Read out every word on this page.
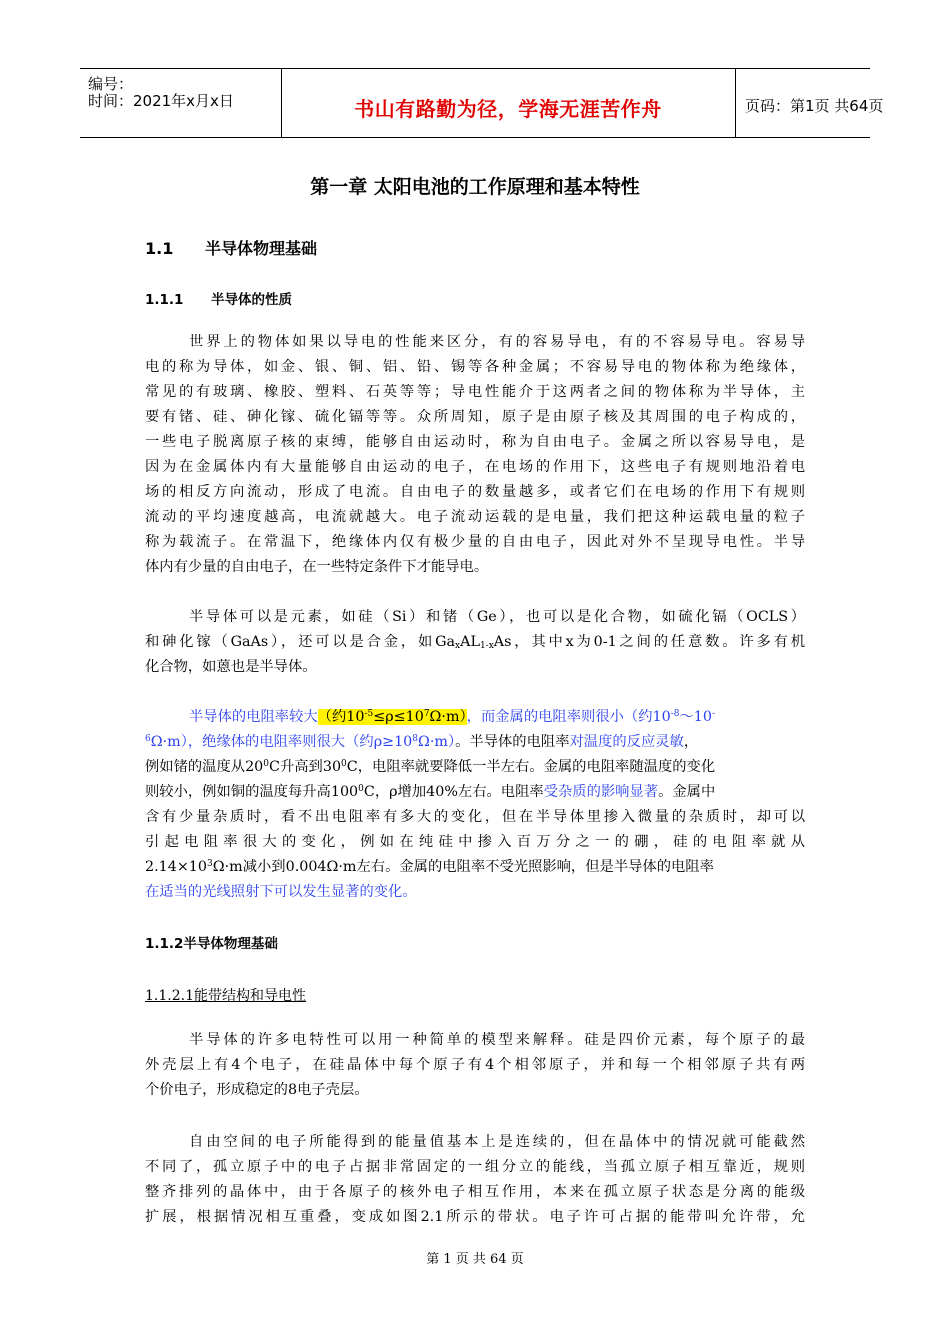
编号：
时间：2021年x月x日	书山有路勤为径，学海无涯苦作舟	页码：第1页 共64页
第一章 太阳电池的工作原理和基本特性
1.1 半导体物理基础
1.1.1 半导体的性质
世界上的物体如果以导电的性能来区分，有的容易导电，有的不容易导电。容易导
电的称为导体，如金、银、铜、铝、铅、锡等各种金属；不容易导电的物体称为绝缘体，
常见的有玻璃、橡胶、塑料、石英等等；导电性能介于这两者之间的物体称为半导体，主
要有锗、硅、砷化镓、硫化镉等等。众所周知，原子是由原子核及其周围的电子构成的，
一些电子脱离原子核的束缚，能够自由运动时，称为自由电子。金属之所以容易导电，是
因为在金属体内有大量能够自由运动的电子，在电场的作用下，这些电子有规则地沿着电
场的相反方向流动，形成了电流。自由电子的数量越多，或者它们在电场的作用下有规则
流动的平均速度越高，电流就越大。电子流动运载的是电量，我们把这种运载电量的粒子
称为载流子。在常温下，绝缘体内仅有极少量的自由电子，因此对外不呈现导电性。半导
体内有少量的自由电子，在一些特定条件下才能导电。
半导体可以是元素，如硅（Si）和锗（Ge），也可以是化合物，如硫化镉（OCLS）
和砷化镓（GaAs），还可以是合金，如$Ga_xAL_{1-x}As$，其中x为0-1之间的任意数。许多有机
化合物，如蒽也是半导体。
半导体的电阻率较大（约$10^{-5}\le\rho\le 10^7\Omega\cdot m$），而金属的电阻率则很小（约$10^{-8}\sim 10^-$
$^6$Ω·m），绝缘体的电阻率则很大（约$\rho\ge 10^8\Omega\cdot m$）。半导体的电阻率对温度的反应灵敏，
例如锗的温度从$20^0C$升高到$30^0C$，电阻率就要降低一半左右。金属的电阻率随温度的变化
则较小，例如铜的温度每升高$100^0C$，ρ增加40%左右。电阻率受杂质的影响显著。金属中
含有少量杂质时，看不出电阻率有多大的变化，但在半导体里掺入微量的杂质时，却可以
引起电阻率很大的变化，例如在纯硅中掺入百万分之一的硼，硅的电阻率就从
$2.14\times 10^3\Omega\cdot m$减小到0.004Ω·m左右。金属的电阻率不受光照影响，但是半导体的电阻率
在适当的光线照射下可以发生显著的变化。
1.1.2半导体物理基础
1.1.2.1能带结构和导电性
半导体的许多电特性可以用一种简单的模型来解释。硅是四价元素，每个原子的最
外壳层上有4个电子，在硅晶体中每个原子有4个相邻原子，并和每一个相邻原子共有两
个价电子，形成稳定的8电子壳层。
自由空间的电子所能得到的能量值基本上是连续的，但在晶体中的情况就可能截然
不同了，孤立原子中的电子占据非常固定的一组分立的能线，当孤立原子相互靠近，规则
整齐排列的晶体中，由于各原子的核外电子相互作用，本来在孤立原子状态是分离的能级
扩展，根据情况相互重叠，变成如图2.1所示的带状。电子许可占据的能带叫允许带，允
第 1 页 共 64 页
